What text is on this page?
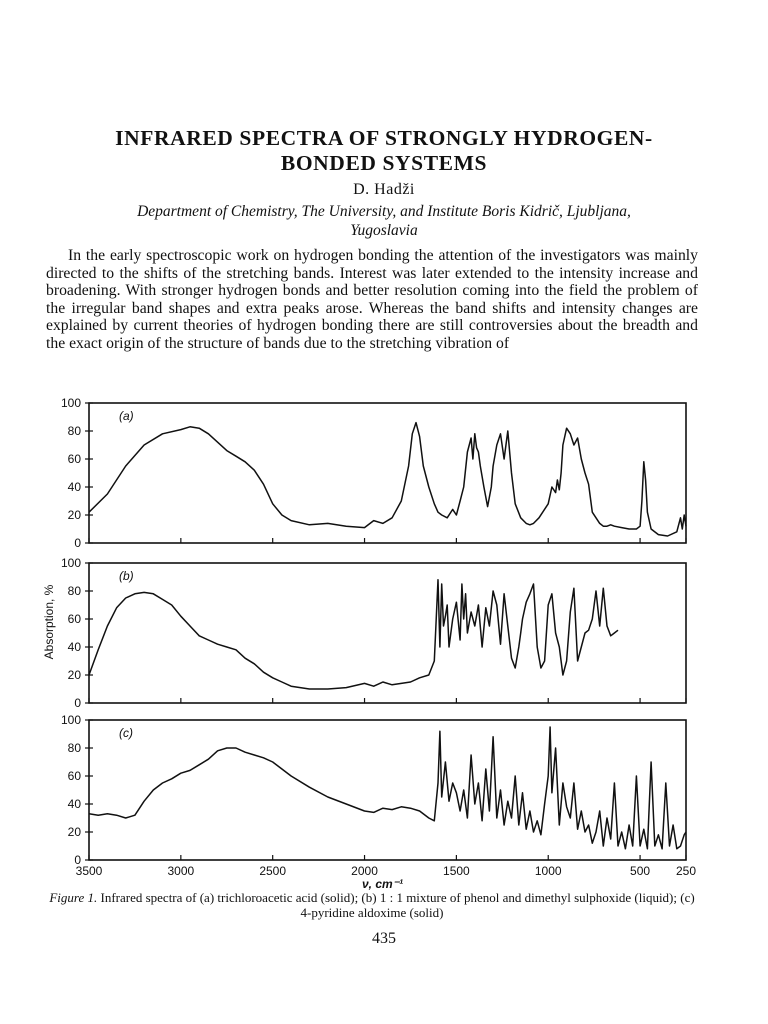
INFRARED SPECTRA OF STRONGLY HYDROGEN-
BONDED SYSTEMS
D. Hadži
Department of Chemistry, The University, and Institute Boris Kidrič, Ljubljana,
Yugoslavia

In the early spectroscopic work on hydrogen bonding the attention of the investigators was mainly directed to the shifts of the stretching bands. Interest was later extended to the intensity increase and broadening. With stronger hydrogen bonds and better resolution coming into the field the problem of the irregular band shapes and extra peaks arose. Whereas the band shifts and intensity changes are explained by current theories of hydrogen bonding there are still controversies about the breadth and the exact origin of the structure of bands due to the stretching vibration of

0
20
40
60
80
100
(a)
0
20
40
60
80
100
(b)
0
20
40
60
80
100
(c)
3500	3000	2500	2000	1500	1000	500 250
ν, cm⁻¹
Absorption, %
Figure 1. Infrared spectra of (a) trichloroacetic acid (solid); (b) 1 : 1 mixture of phenol and dimethyl sulphoxide (liquid); (c) 4-pyridine aldoxime (solid)
435
